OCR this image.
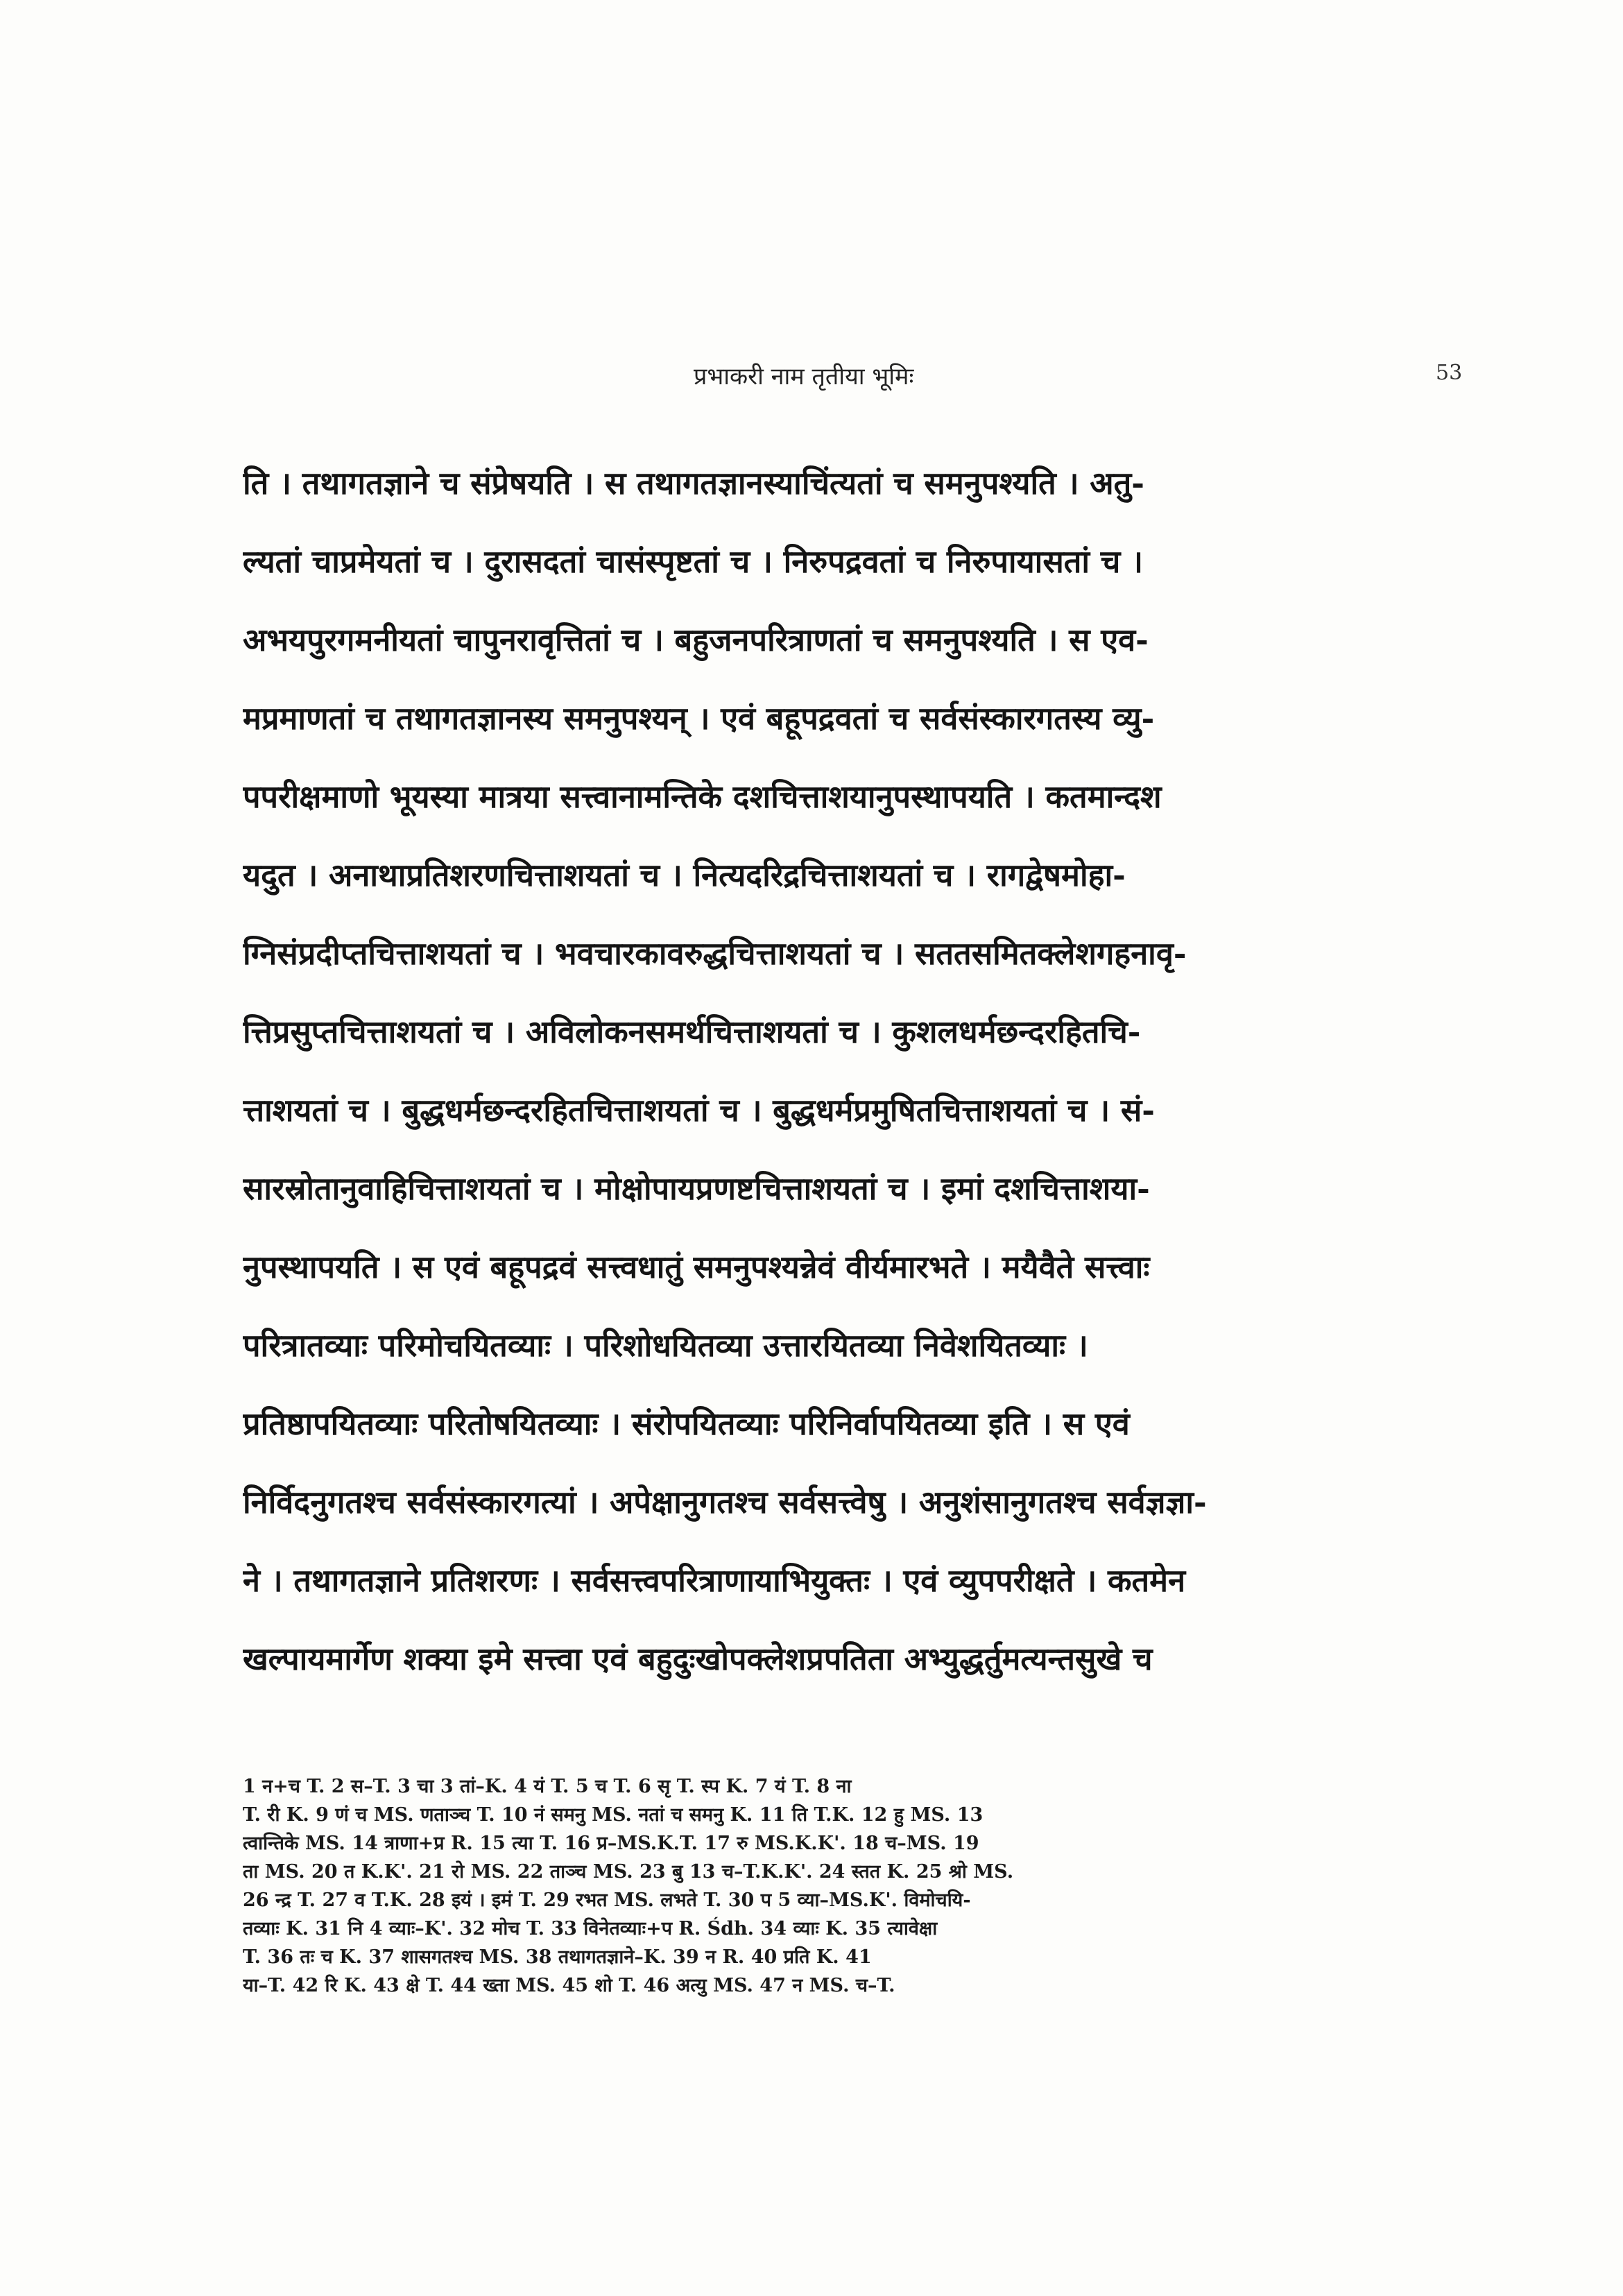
प्रभाकरी नाम तृतीया भूमिः	53
ति । तथागतज्ञाने च संप्रेषयति । स तथागतज्ञानस्याचिंत्यतां च समनुपश्यति । अतु-
ल्यतां चाप्रमेयतां च । दुरासदतां चासंस्पृष्टतां च । निरुपद्रवतां च निरुपायासतां च ।
अभयपुरगमनीयतां चापुनरावृत्तितां च । बहुजनपरित्राणतां च समनुपश्यति । स एव-
मप्रमाणतां च तथागतज्ञानस्य समनुपश्यन् । एवं बहूपद्रवतां च सर्वसंस्कारगतस्य व्यु-
पपरीक्षमाणो भूयस्या मात्रया सत्त्वानामन्तिके दशचित्ताशयानुपस्थापयति । कतमान्दश
यदुत । अनाथाप्रतिशरणचित्ताशयतां च । नित्यदरिद्रचित्ताशयतां च । रागद्वेषमोहा-
ग्निसंप्रदीप्तचित्ताशयतां च । भवचारकावरुद्धचित्ताशयतां च । सततसमितक्लेशगहनावृ-
त्तिप्रसुप्तचित्ताशयतां च । अविलोकनसमर्थचित्ताशयतां च । कुशलधर्मछन्दरहितचि-
त्ताशयतां च । बुद्धधर्मछन्दरहितचित्ताशयतां च । बुद्धधर्मप्रमुषितचित्ताशयतां च । सं-
सारस्रोतानुवाहिचित्ताशयतां च । मोक्षोपायप्रणष्टचित्ताशयतां च । इमां दशचित्ताशया-
नुपस्थापयति । स एवं बहूपद्रवं सत्त्वधातुं समनुपश्यन्नेवं वीर्यमारभते । मयैवैते सत्त्वाः
परित्रातव्याः परिमोचयितव्याः । परिशोधयितव्या उत्तारयितव्या निवेशयितव्याः ।
प्रतिष्ठापयितव्याः परितोषयितव्याः । संरोपयितव्याः परिनिर्वापयितव्या इति । स एवं
निर्विदनुगतश्च सर्वसंस्कारगत्यां । अपेक्षानुगतश्च सर्वसत्त्वेषु । अनुशंसानुगतश्च सर्वज्ञज्ञा-
ने । तथागतज्ञाने प्रतिशरणः । सर्वसत्त्वपरित्राणायाभियुक्तः । एवं व्युपपरीक्षते । कतमेन
खल्पायमार्गेण शक्या इमे सत्त्वा एवं बहुदुःखोपक्लेशप्रपतिता अभ्युद्धर्तुमत्यन्तसुखे च
1 न+च T. 2 स–T. 3 चा 3 तां–K. 4 यं T. 5 च T. 6 सृ T. स्प K. 7 यं T. 8 ना
T. री K. 9 णं च MS. णताञ्च T. 10 नं समनु MS. नतां च समनु K. 11 ति T.K. 12 हु MS. 13
त्वान्तिके MS. 14 त्राणा+प्र R. 15 त्या T. 16 प्र–MS.K.T. 17 रु MS.K.K'. 18 च–MS. 19
ता MS. 20 त K.K'. 21 रो MS. 22 ताञ्च MS. 23 बु 13 च–T.K.K'. 24 स्तत K. 25 श्रो MS.
26 न्द्र T. 27 व T.K. 28 इयं । इमं T. 29 रभत MS. लभते T. 30 प 5 व्या–MS.K'. विमोचयि-
तव्याः K. 31 नि 4 व्याः–K'. 32 मोच T. 33 विनेतव्याः+प R. Śdh. 34 व्याः K. 35 त्यावेक्षा
T. 36 तः च K. 37 शासगतश्च MS. 38 तथागतज्ञाने–K. 39 न R. 40 प्रति K. 41
या–T. 42 रि K. 43 क्षे T. 44 ख्ता MS. 45 शो T. 46 अत्यु MS. 47 न MS. च–T.
